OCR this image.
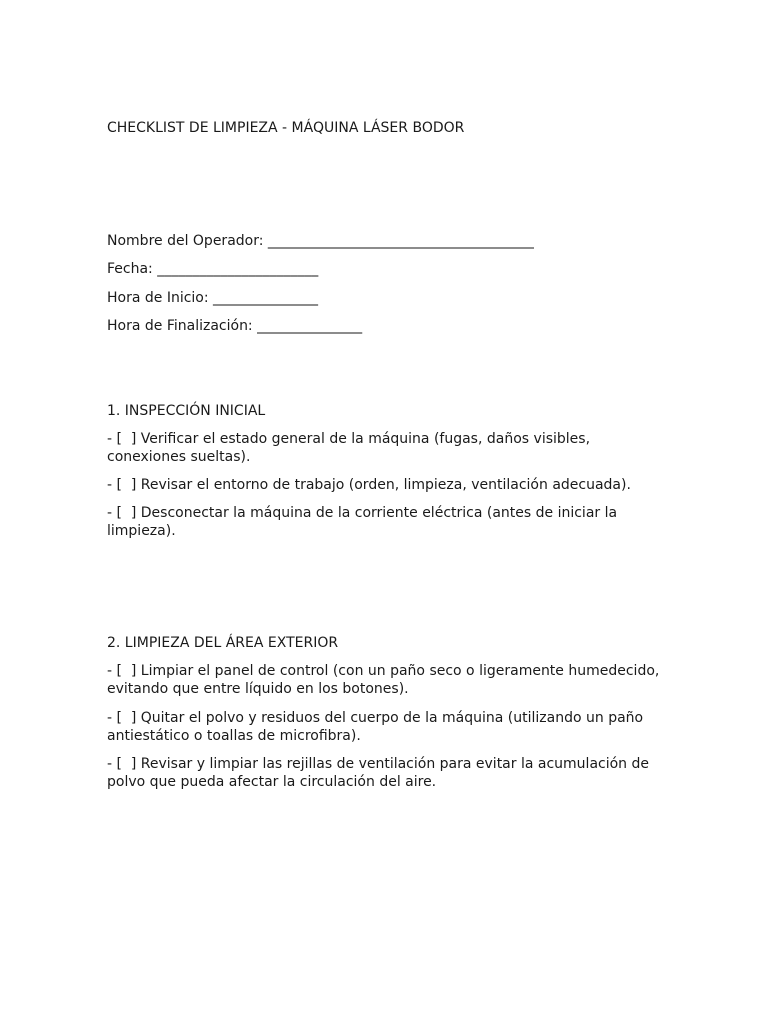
CHECKLIST DE LIMPIEZA - MÁQUINA LÁSER BODOR

Nombre del Operador: ______________________________________

Fecha: _______________________

Hora de Inicio: _______________

Hora de Finalización: _______________

1. INSPECCIÓN INICIAL

- [  ] Verificar el estado general de la máquina (fugas, daños visibles, conexiones sueltas).

- [  ] Revisar el entorno de trabajo (orden, limpieza, ventilación adecuada).

- [  ] Desconectar la máquina de la corriente eléctrica (antes de iniciar la limpieza).

2. LIMPIEZA DEL ÁREA EXTERIOR

- [  ] Limpiar el panel de control (con un paño seco o ligeramente humedecido, evitando que entre líquido en los botones).

- [  ] Quitar el polvo y residuos del cuerpo de la máquina (utilizando un paño antiestático o toallas de microfibra).

- [  ] Revisar y limpiar las rejillas de ventilación para evitar la acumulación de polvo que pueda afectar la circulación del aire.
